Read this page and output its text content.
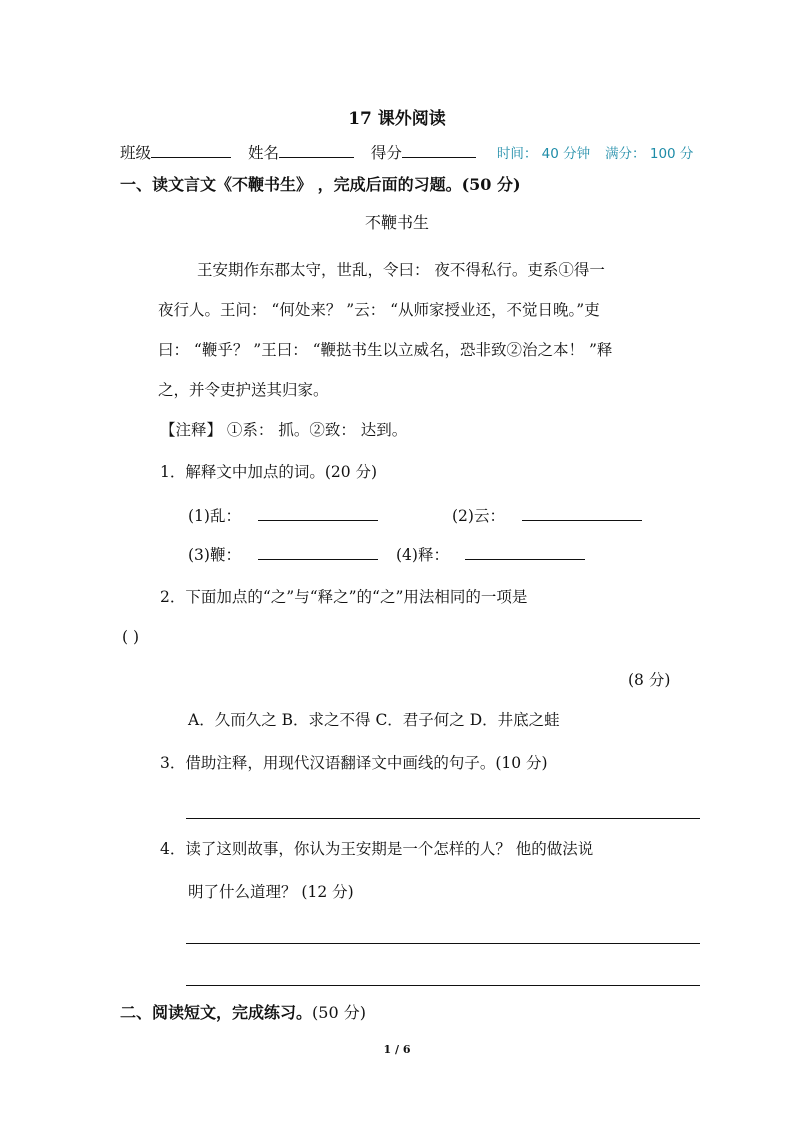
17 课外阅读
班级	姓名	得分	时间： 40 分钟 满分： 100 分
一、读文言文《不鞭书生》 ，完成后面的习题。(50 分)
不鞭书生
王安期作东郡太守，世乱，令曰： 夜不得私行。吏系①得一
夜行人。王问： “何处来？ ”云： “从师家授业还，不觉日晚。”吏
曰： “鞭乎？ ”王曰： “鞭挞书生以立威名，恐非致②治之本！ ”释
之，并令吏护送其归家。
【注释】 ①系： 抓。②致： 达到。
1．解释文中加点的词。(20 分)
(1)乱：	(2)云：
(3)鞭：	(4)释：
2．下面加点的“之”与“释之”的“之”用法相同的一项是
( )
(8 分)
A．久而久之 B．求之不得 C．君子何之 D．井底之蛙
3．借助注释，用现代汉语翻译文中画线的句子。(10 分)
4．读了这则故事，你认为王安期是一个怎样的人？ 他的做法说
明了什么道理？ (12 分)
二、阅读短文，完成练习。(50 分)
1 / 6
